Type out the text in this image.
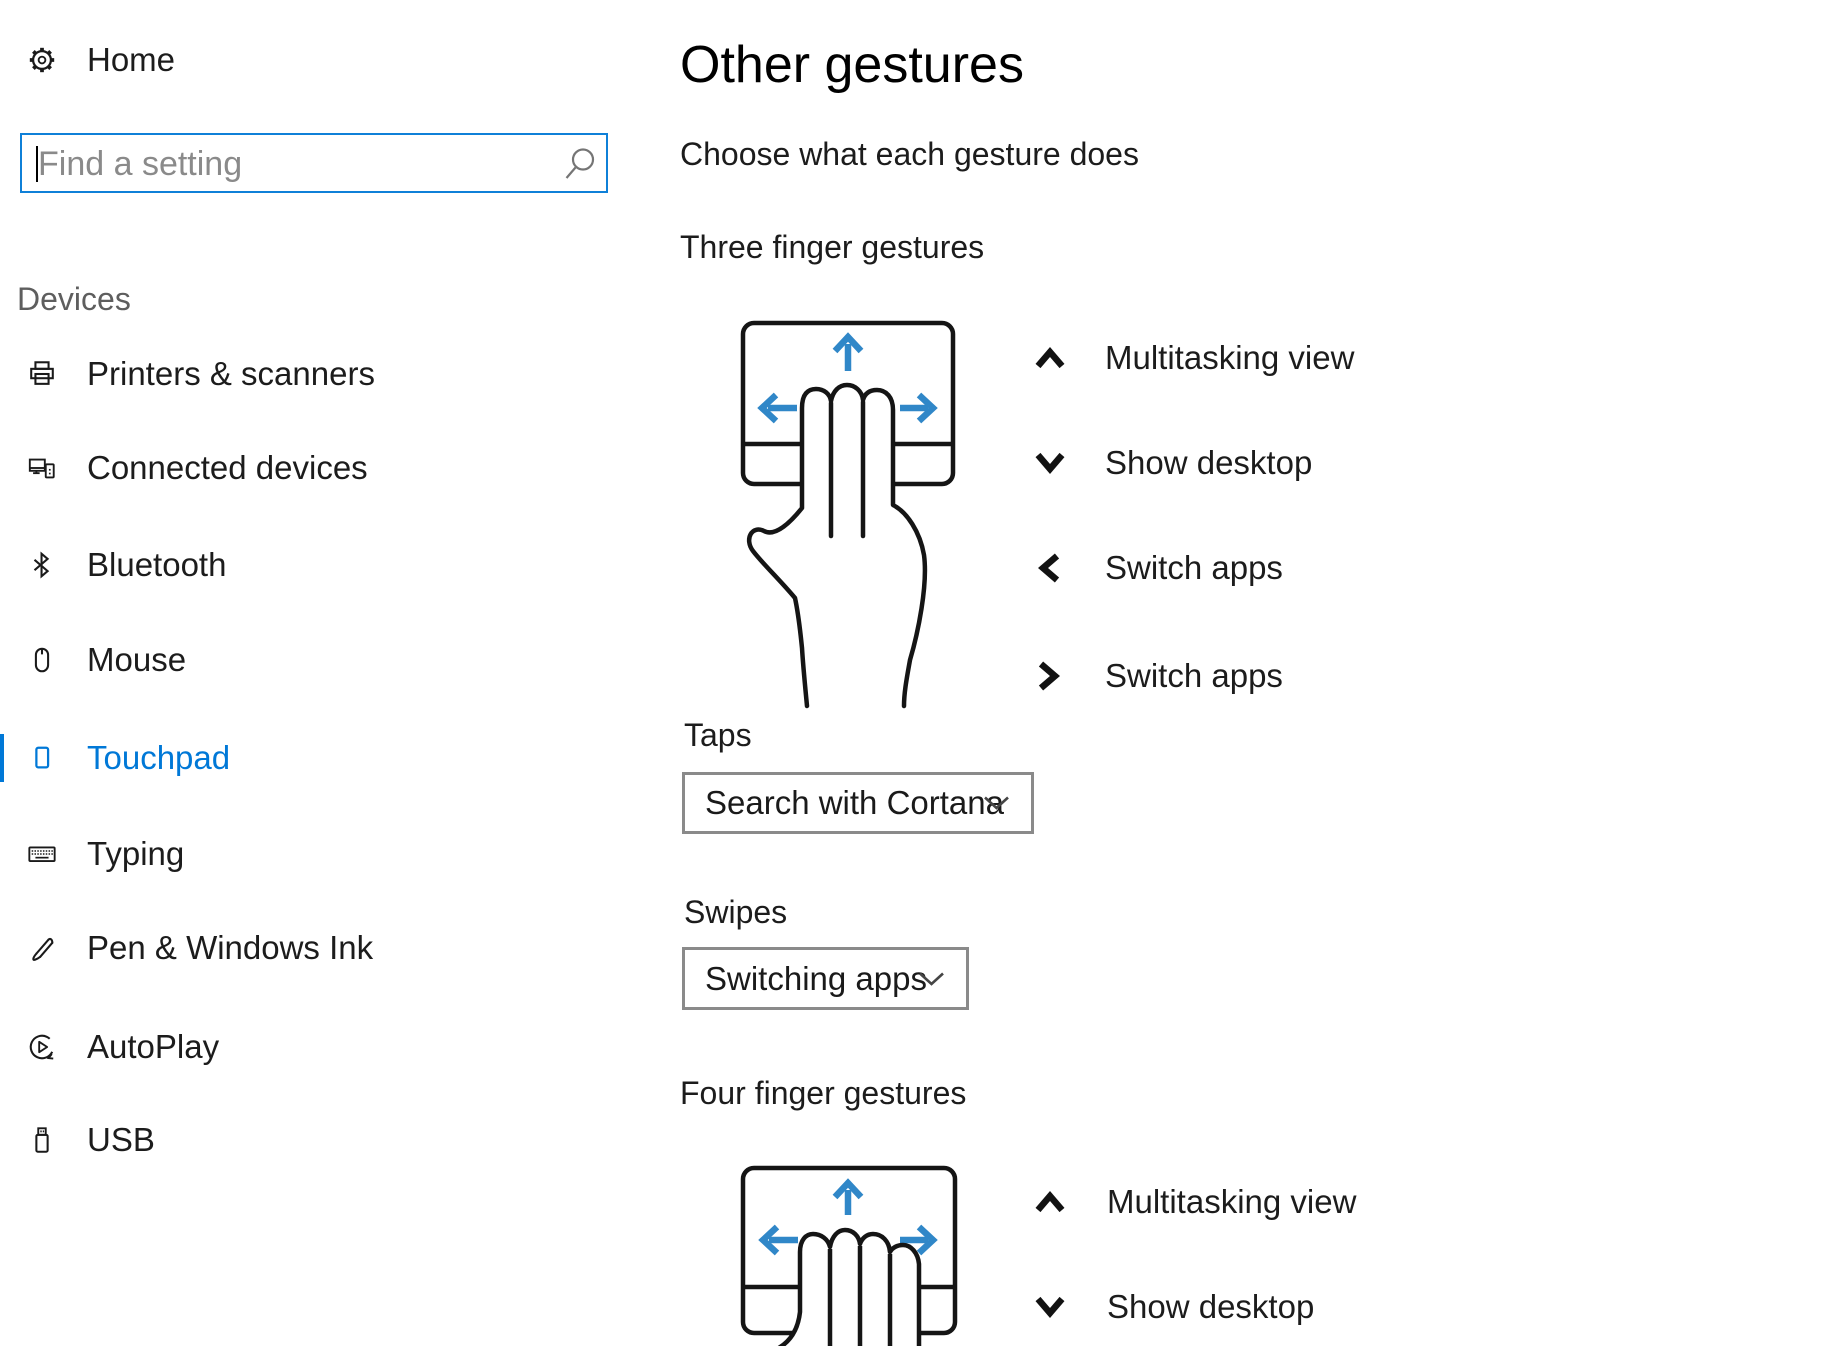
Home
Find a setting
Devices
Printers & scanners
Connected devices
Bluetooth
Mouse
Touchpad
Typing
Pen & Windows Ink
AutoPlay
USB
Other gestures
Choose what each gesture does
Three finger gestures
Multitasking view
Show desktop
Switch apps
Switch apps
Taps
Search with Cortana
Swipes
Switching apps
Four finger gestures
Multitasking view
Show desktop
